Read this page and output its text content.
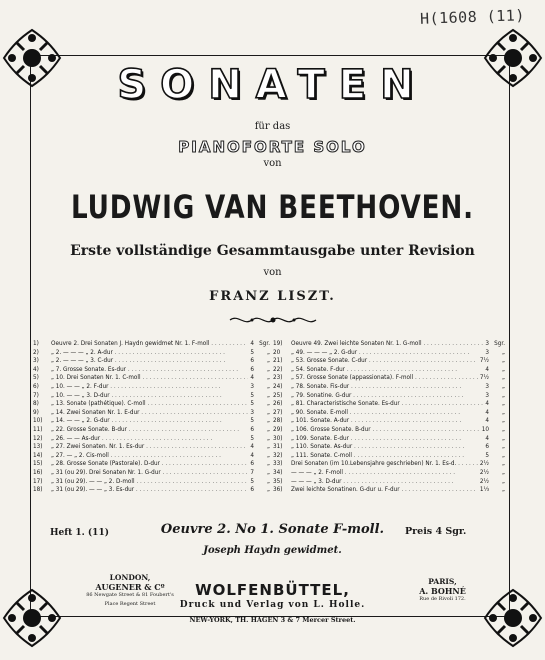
H(1608 (11)
SONATEN
für das
PIANOFORTE SOLO
von
LUDWIG VAN BEETHOVEN.
Erste vollständige Gesammtausgabe unter Revision
von
FRANZ LISZT.
1)	Oeuvre 2. Drei Sonaten J. Haydn gewidmet Nr. 1. F-moll . . .	4 Sgr.
2)	„ 2. — — — „ 2. A-dur . . .	5	„
3)	„ 2. — — — „ 3. C-dur . . .	6	„
4)	„ 7. Grosse Sonate. Es-dur . . .	6	„
5)	„ 10. Drei Sonaten Nr. 1. C-moll . . .	4	„
6)	„ 10. — — „ 2. F-dur . . .	3	„
7)	„ 10. — — „ 3. D-dur . . .	5	„
8)	„ 13. Sonate (pathétique). C-moll . . .	5	„
9)	„ 14. Zwei Sonaten Nr. 1. E-dur . . .	3	„
10)	„ 14. — — „ 2. G-dur . . .	5	„
11)	„ 22. Grosse Sonate. B-dur . . .	6	„
12)	„ 26. — — As-dur . . .	5	„
13)	„ 27. Zwei Sonaten. Nr. 1. Es-dur . . .	4	„
14)	„ 27. — „ 2. Cis-moll . . .	4	„
15)	„ 28. Grosse Sonate (Pastorale). D-dur . . .	6	„
16)	„ 31 (ou 29). Drei Sonaten Nr. 1. G-dur . . .	7	„
17)	„ 31 (ou 29). — — „ 2. D-moll . . .	5	„
18)	„ 31 (ou 29). — — „ 3. Es-dur . . .	6	„
19)	Oeuvre 49. Zwei leichte Sonaten Nr. 1. G-moll . . .	3 Sgr.
20	„ 49. — — — „ 2. G-dur . . .	3	„
21)	„ 53. Grosse Sonate. C-dur . . .	7½	„
22)	„ 54. Sonate. F-dur . . .	4	„
23)	„ 57. Grosse Sonate (appassionata). F-moll . . .	7½	„
24)	„ 78. Sonate. Fis-dur . . .	3	„
25)	„ 79. Sonatine. G-dur . . .	3	„
26)	„ 81. Characteristische Sonate. Es-dur . . .	4	„
27)	„ 90. Sonate. E-moll . . .	4	„
28)	„ 101. Sonate. A-dur . . .	4	„
29)	„ 106. Grosse Sonate. B-dur . . .	10	„
30)	„ 109. Sonate. E-dur . . .	4	„
31)	„ 110. Sonate. As-dur . . .	6	„
32)	„ 111. Sonate. C-moll . . .	5	„
33)	Drei Sonaten (im 10.Lebensjahre geschrieben) Nr. 1. Es-d. . . .	2½	„
34)	— — — „ 2. F-moll . . .	2½	„
35)	— — — „ 3. D-dur . . .	2½	„
36)	Zwei leichte Sonatinen. G-dur u. F-dur . . .	1⅓	„
Heft 1. (11)	Oeuvre 2. No 1. Sonate F-moll.	Preis 4 Sgr.
Joseph Haydn gewidmet.
LONDON,
AUGENER & Cº
86 Newgate Street & 81 Foubert's Place Regent Street
WOLFENBÜTTEL,
Druck und Verlag von L. Holle.
PARIS,
A. BOHNÉ
Rue de Rivoli 172.
NEW-YORK, TH. HAGEN 3 & 7 Mercer Street.
